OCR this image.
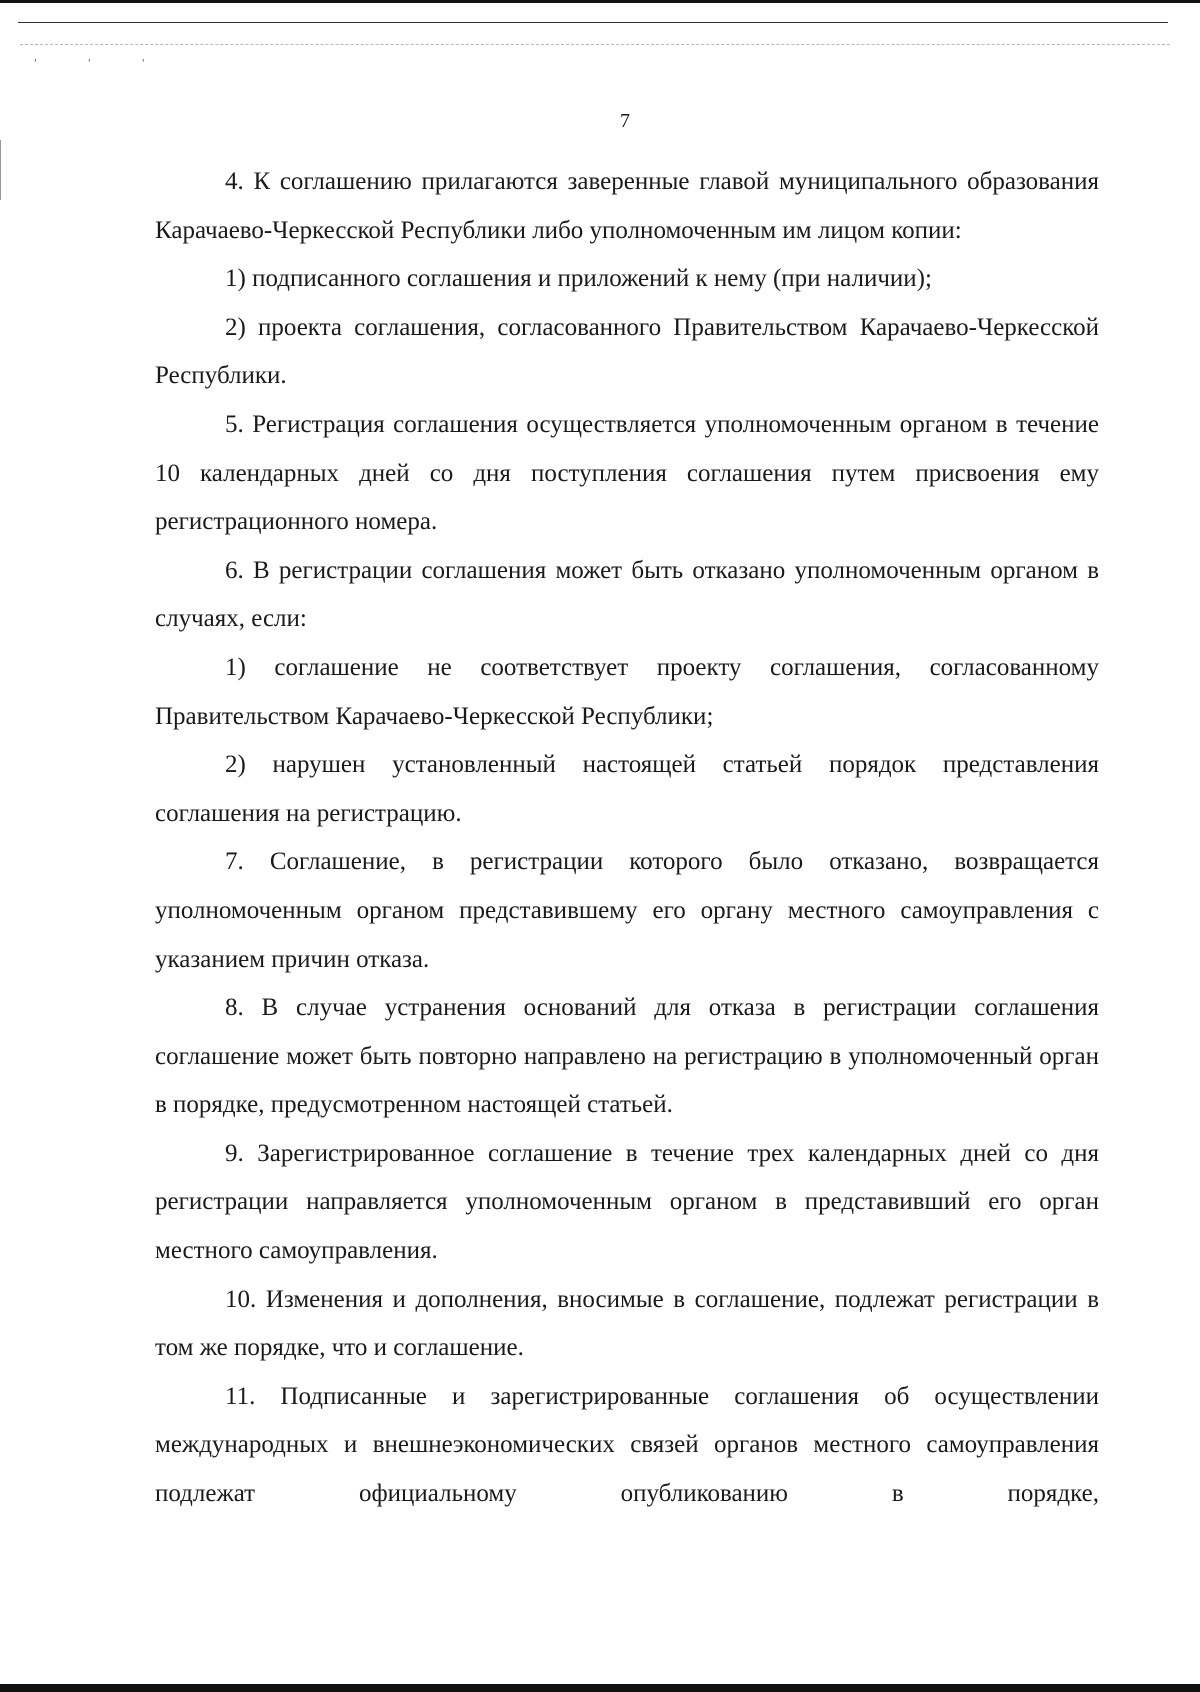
' ' '
7

4. К соглашению прилагаются заверенные главой муниципального образования Карачаево-Черкесской Республики либо уполномоченным им лицом копии:

1) подписанного соглашения и приложений к нему (при наличии);

2) проекта соглашения, согласованного Правительством Карачаево-Черкесской Республики.

5. Регистрация соглашения осуществляется уполномоченным органом в течение 10 календарных дней со дня поступления соглашения путем присвоения ему регистрационного номера.

6. В регистрации соглашения может быть отказано уполномоченным органом в случаях, если:

1) соглашение не соответствует проекту соглашения, согласованному Правительством Карачаево-Черкесской Республики;

2) нарушен установленный настоящей статьей порядок представления соглашения на регистрацию.

7. Соглашение, в регистрации которого было отказано, возвращается уполномоченным органом представившему его органу местного самоуправления с указанием причин отказа.

8. В случае устранения оснований для отказа в регистрации соглашения соглашение может быть повторно направлено на регистрацию в уполномоченный орган в порядке, предусмотренном настоящей статьей.

9. Зарегистрированное соглашение в течение трех календарных дней со дня регистрации направляется уполномоченным органом в представивший его орган местного самоуправления.

10. Изменения и дополнения, вносимые в соглашение, подлежат регистрации в том же порядке, что и соглашение.

11. Подписанные и зарегистрированные соглашения об осуществлении международных и внешнеэкономических связей органов местного самоуправления подлежат официальному опубликованию в порядке,
